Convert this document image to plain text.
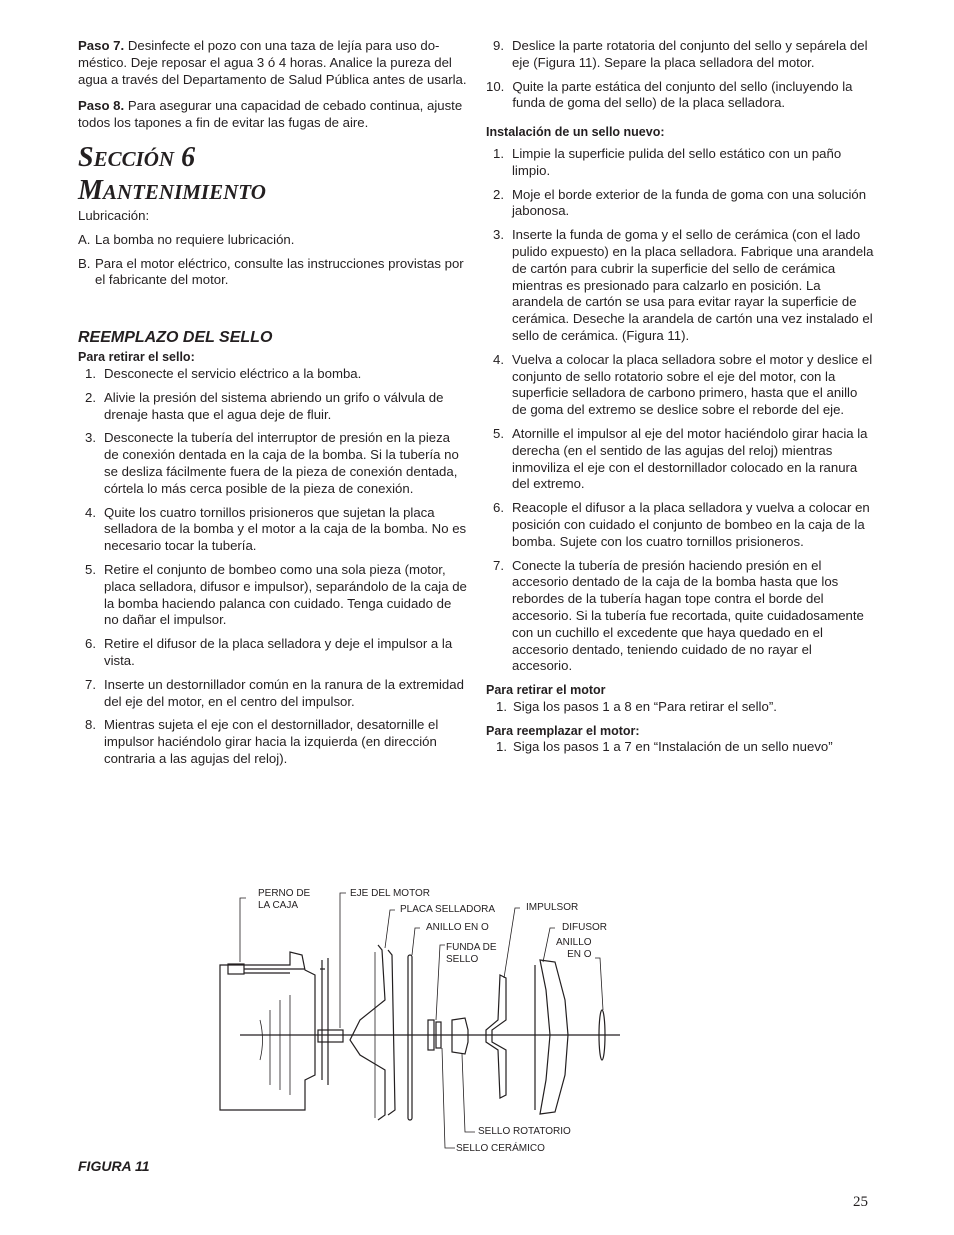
Paso 7. Desinfecte el pozo con una taza de lejía para uso do-méstico. Deje reposar el agua 3 ó 4 horas. Analice la pureza del agua a través del Departamento de Salud Pública antes de usarla.

Paso 8. Para asegurar una capacidad de cebado continua, ajuste todos los tapones a fin de evitar las fugas de aire.

SECCIÓN 6
MANTENIMIENTO

Lubricación:

A. La bomba no requiere lubricación.
B. Para el motor eléctrico, consulte las instrucciones provistas por el fabricante del motor.
REEMPLAZO DEL SELLO
Para retirar el sello:
1. Desconecte el servicio eléctrico a la bomba.
2. Alivie la presión del sistema abriendo un grifo o válvula de drenaje hasta que el agua deje de fluir.
3. Desconecte la tubería del interruptor de presión en la pieza de conexión dentada en la caja de la bomba. Si la tubería no se desliza fácilmente fuera de la pieza de conexión dentada, córtela lo más cerca posible de la pieza de conexión.
4. Quite los cuatro tornillos prisioneros que sujetan la placa selladora de la bomba y el motor a la caja de la bomba. No es necesario tocar la tubería.
5. Retire el conjunto de bombeo como una sola pieza (motor, placa selladora, difusor e impulsor), separándolo de la caja de la bomba haciendo palanca con cuidado. Tenga cuidado de no dañar el impulsor.
6. Retire el difusor de la placa selladora y deje el impulsor a la vista.
7. Inserte un destornillador común en la ranura de la extremidad del eje del motor, en el centro del impulsor.
8. Mientras sujeta el eje con el destornillador, desatornille el impulsor haciéndolo girar hacia la izquierda (en dirección contraria a las agujas del reloj).
9. Deslice la parte rotatoria del conjunto del sello y sepárela del eje (Figura 11). Separe la placa selladora del motor.
10. Quite la parte estática del conjunto del sello (incluyendo la funda de goma del sello) de la placa selladora.
Instalación de un sello nuevo:
1. Limpie la superficie pulida del sello estático con un paño limpio.
2. Moje el borde exterior de la funda de goma con una solución jabonosa.
3. Inserte la funda de goma y el sello de cerámica (con el lado pulido expuesto) en la placa selladora. Fabrique una arandela de cartón para cubrir la superficie del sello de cerámica mientras es presionado para calzarlo en posición. La arandela de cartón se usa para evitar rayar la superficie de cerámica. Deseche la arandela de cartón una vez instalado el sello de cerámica. (Figura 11).
4. Vuelva a colocar la placa selladora sobre el motor y deslice el conjunto de sello rotatorio sobre el eje del motor, con la superficie selladora de carbono primero, hasta que el anillo de goma del extremo se deslice sobre el reborde del eje.
5. Atornille el impulsor al eje del motor haciéndolo girar hacia la derecha (en el sentido de las agujas del reloj) mientras inmoviliza el eje con el destornillador colocado en la ranura del extremo.
6. Reacople el difusor a la placa selladora y vuelva a colocar en posición con cuidado el conjunto de bombeo en la caja de la bomba. Sujete con los cuatro tornillos prisioneros.
7. Conecte la tubería de presión haciendo presión en el accesorio dentado de la caja de la bomba hasta que los rebordes de la tubería hagan tope contra el borde del accesorio. Si la tubería fue recortada, quite cuidadosamente con un cuchillo el excedente que haya quedado en el accesorio dentado, teniendo cuidado de no rayar el accesorio.
Para retirar el motor
1. Siga los pasos 1 a 8 en “Para retirar el sello”.
Para reemplazar el motor:
1. Siga los pasos 1 a 7 en “Instalación de un sello nuevo”
PERNO DE
LA CAJA
EJE DEL MOTOR
PLACA SELLADORA
ANILLO EN O
FUNDA DE
SELLO
IMPULSOR
DIFUSOR
ANILLO
EN O
SELLO ROTATORIO
SELLO CERÁMICO
FIGURA 11
25
